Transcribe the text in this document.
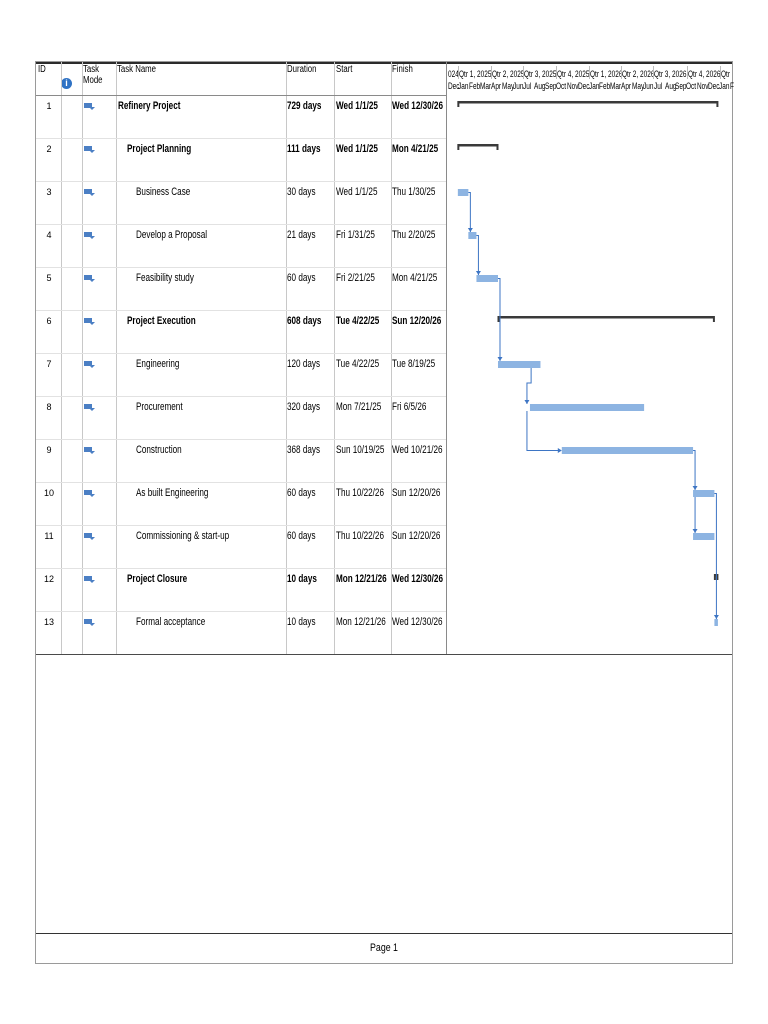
ID	Task
Mode
i
Task Name	Duration Start	Finish	024 Qtr 1, 2025 Qtr 2, 2025 Qtr 3, 2025 Qtr 4, 2025 Qtr 1, 2026 Qtr 2, 2026 Qtr 3, 2026 Qtr 4, 2026 Qtr
Dec Jan Feb Mar Apr May
Jun Jul Aug Sep Oct Nov Dec Jan Feb Mar Apr May
Jun Jul Aug Sep Oct Nov Dec Jan F
1	Refinery Project	729 days Wed 1/1/25 Wed 12/30/26
2	Project Planning	111 days Wed 1/1/25 Mon 4/21/25
3	Business Case	30 days Wed 1/1/25 Thu 1/30/25
4	Develop a Proposal	21 days Fri 1/31/25 Thu 2/20/25
5	Feasibility study	60 days Fri 2/21/25 Mon 4/21/25
6	Project Execution	608 days Tue 4/22/25 Sun 12/20/26
7	Engineering	120 days Tue 4/22/25 Tue 8/19/25
8	Procurement	320 days Mon 7/21/25 Fri 6/5/26
9	Construction	368 days Sun 10/19/25 Wed 10/21/26
10	As built Engineering	60 days Thu 10/22/26 Sun 12/20/26
11	Commissioning & start-up	60 days Thu 10/22/26 Sun 12/20/26
12	Project Closure	10 days Mon 12/21/26 Wed 12/30/26
13	Formal acceptance	10 days Mon 12/21/26 Wed 12/30/26
Page 1
